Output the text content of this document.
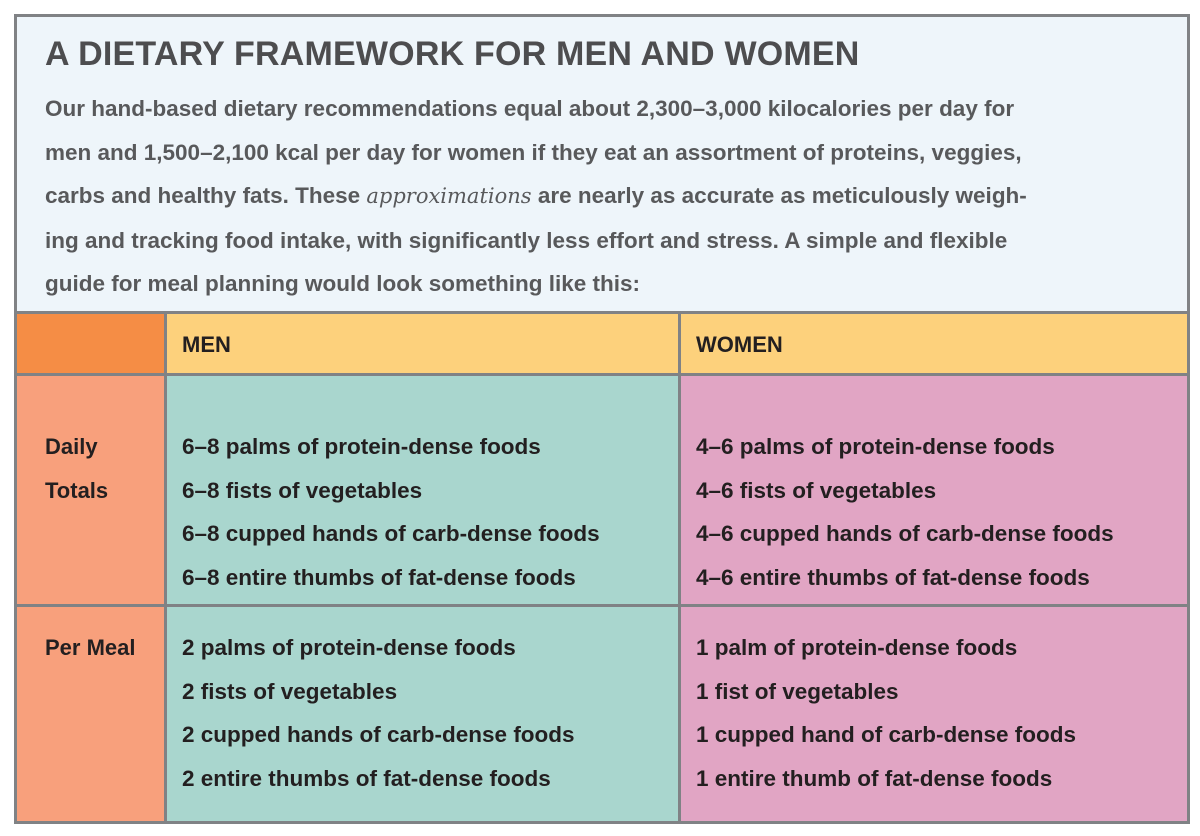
A DIETARY FRAMEWORK FOR MEN AND WOMEN
Our hand-based dietary recommendations equal about 2,300–3,000 kilocalories per day for
men and 1,500–2,100 kcal per day for women if they eat an assortment of proteins, veggies,
carbs and healthy fats. These approximations are nearly as accurate as meticulously weigh-
ing and tracking food intake, with significantly less effort and stress. A simple and flexible
guide for meal planning would look something like this:
MEN	WOMEN
Daily
Totals
6–8 palms of protein-dense foods
6–8 fists of vegetables
6–8 cupped hands of carb-dense foods
6–8 entire thumbs of fat-dense foods
4–6 palms of protein-dense foods
4–6 fists of vegetables
4–6 cupped hands of carb-dense foods
4–6 entire thumbs of fat-dense foods
Per Meal 2 palms of protein-dense foods
2 fists of vegetables
2 cupped hands of carb-dense foods
2 entire thumbs of fat-dense foods
1 palm of protein-dense foods
1 fist of vegetables
1 cupped hand of carb-dense foods
1 entire thumb of fat-dense foods
